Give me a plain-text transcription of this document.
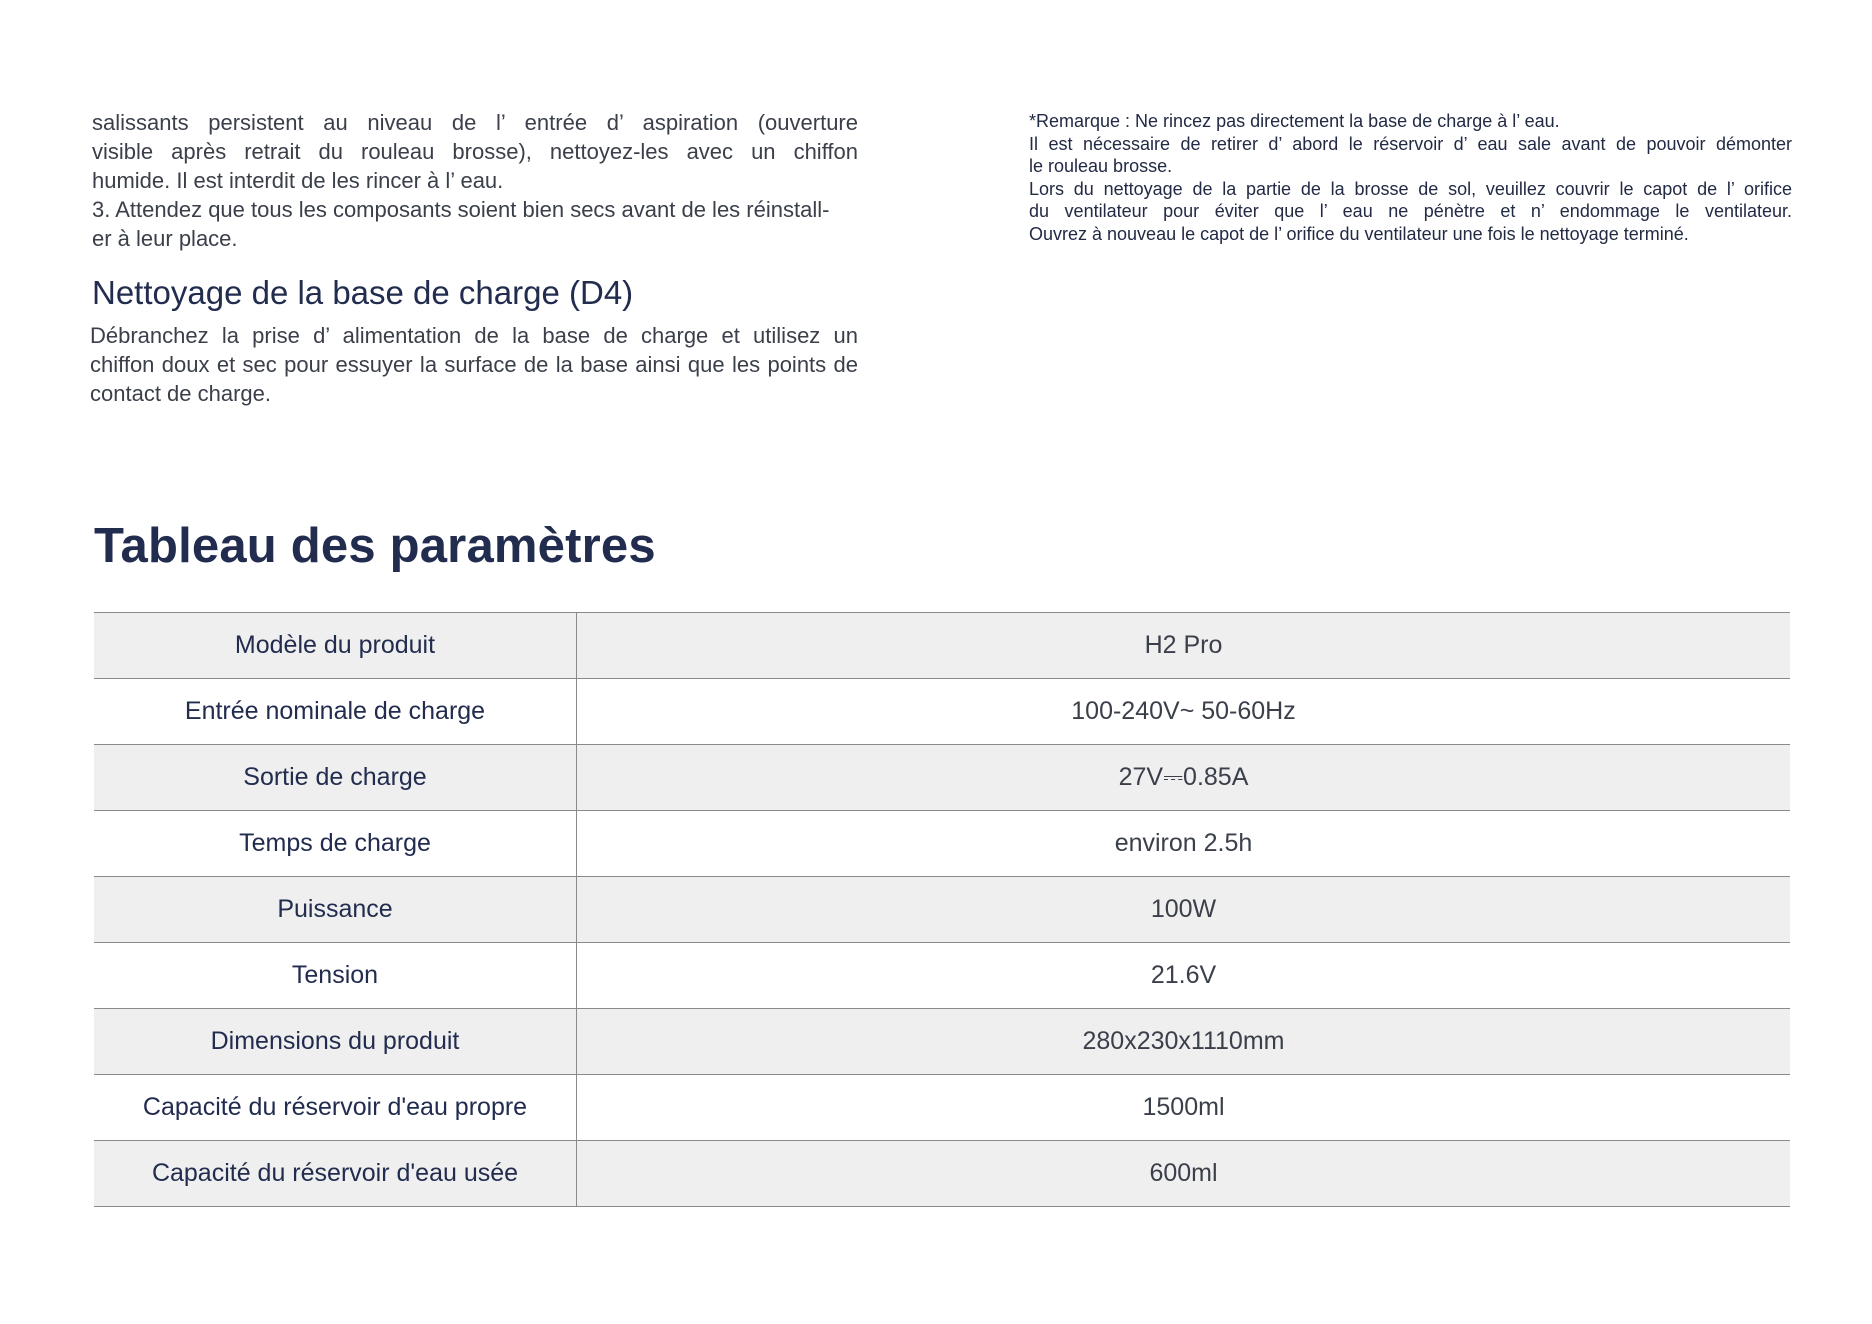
salissants persistent au niveau de l’ entrée d’ aspiration (ouverture

visible après retrait du rouleau brosse), nettoyez-les avec un chiffon

humide. Il est interdit de les rincer à l’ eau.

3. Attendez que tous les composants soient bien secs avant de les réinstall-

er à leur place.

Nettoyage de la base de charge (D4)

Débranchez la prise d’ alimentation de la base de charge et utilisez un

chiffon doux et sec pour essuyer la surface de la base ainsi que les points de

contact de charge.

*Remarque : Ne rincez pas directement la base de charge à l’ eau.

Il est nécessaire de retirer d’ abord le réservoir d’ eau sale avant de pouvoir démonter

le rouleau brosse.

Lors du nettoyage de la partie de la brosse de sol, veuillez couvrir le capot de l’ orifice

du ventilateur pour éviter que l’ eau ne pénètre et n’ endommage le ventilateur.

Ouvrez à nouveau le capot de l’ orifice du ventilateur une fois le nettoyage terminé.

Tableau des paramètres
Modèle du produit	H2 Pro
Entrée nominale de charge	100-240V~ 50-60Hz
Sortie de charge	27V⎓0.85A
Temps de charge	environ 2.5h
Puissance	100W
Tension	21.6V
Dimensions du produit	280x230x1110mm
Capacité du réservoir d'eau propre	1500ml
Capacité du réservoir d'eau usée	600ml
